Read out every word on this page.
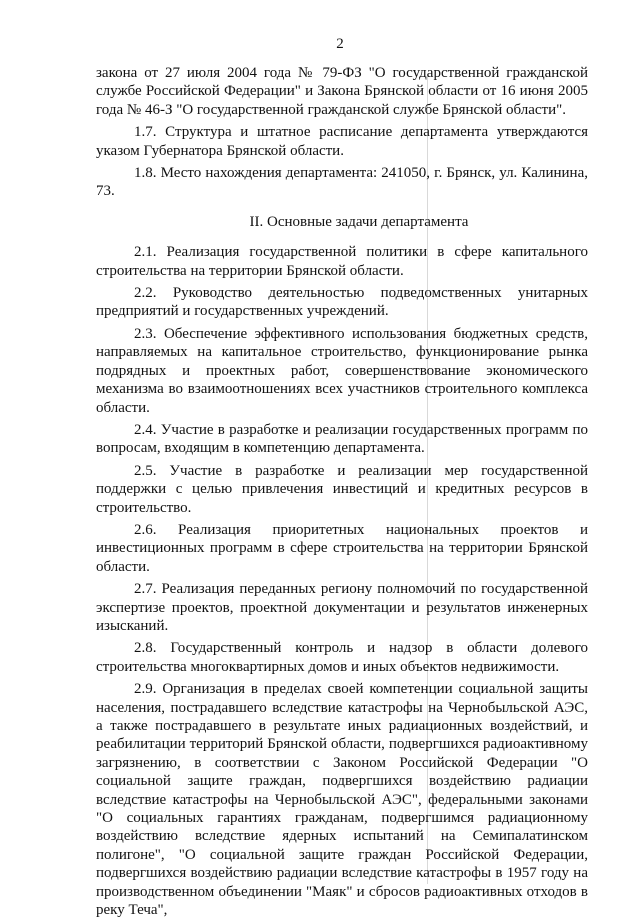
2

закона от 27 июля 2004 года № 79-ФЗ "О государственной гражданской службе Российской Федерации" и Закона Брянской области от 16 июня 2005 года № 46-З "О государственной гражданской службе Брянской области".

1.7. Структура и штатное расписание департамента утверждаются указом Губернатора Брянской области.

1.8. Место нахождения департамента: 241050, г. Брянск, ул. Калинина, 73.

II. Основные задачи департамента

2.1. Реализация государственной политики в сфере капитального строительства на территории Брянской области.

2.2. Руководство деятельностью подведомственных унитарных предприятий и государственных учреждений.

2.3. Обеспечение эффективного использования бюджетных средств, направляемых на капитальное строительство, функционирование рынка подрядных и проектных работ, совершенствование экономического механизма во взаимоотношениях всех участников строительного комплекса области.

2.4. Участие в разработке и реализации государственных программ по вопросам, входящим в компетенцию департамента.

2.5. Участие в разработке и реализации мер государственной поддержки с целью привлечения инвестиций и кредитных ресурсов в строительство.

2.6. Реализация приоритетных национальных проектов и инвестиционных программ в сфере строительства на территории Брянской области.

2.7. Реализация переданных региону полномочий по государственной экспертизе проектов, проектной документации и результатов инженерных изысканий.

2.8. Государственный контроль и надзор в области долевого строительства многоквартирных домов и иных объектов недвижимости.

2.9. Организация в пределах своей компетенции социальной защиты населения, пострадавшего вследствие катастрофы на Чернобыльской АЭС, а также пострадавшего в результате иных радиационных воздействий, и реабилитации территорий Брянской области, подвергшихся радиоактивному загрязнению, в соответствии с Законом Российской Федерации "О социальной защите граждан, подвергшихся воздействию радиации вследствие катастрофы на Чернобыльской АЭС", федеральными законами "О социальных гарантиях гражданам, подвергшимся радиационному воздействию вследствие ядерных испытаний на Семипалатинском полигоне", "О социальной защите граждан Российской Федерации, подвергшихся воздействию радиации вследствие катастрофы в 1957 году на производственном объединении "Маяк" и сбросов радиоактивных отходов в реку Теча",
